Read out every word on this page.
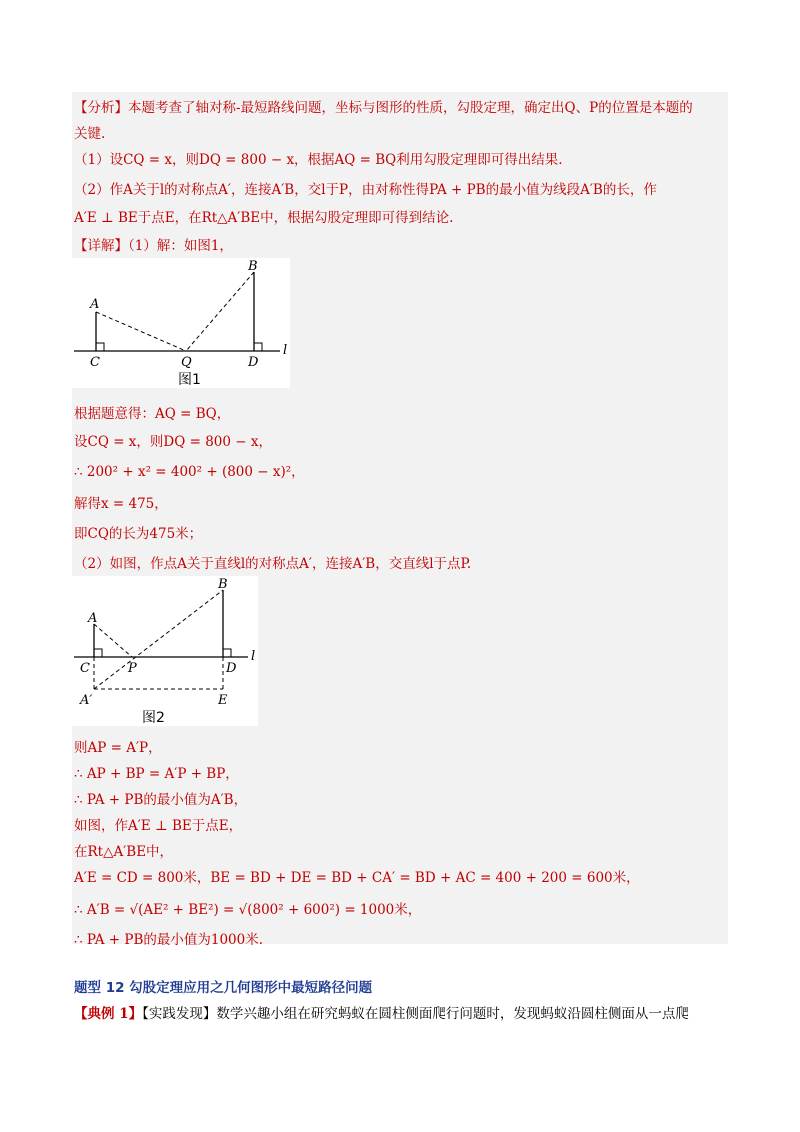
【分析】本题考查了轴对称-最短路线问题，坐标与图形的性质，勾股定理，确定出Q、P的位置是本题的
关键.
（1）设CQ = x，则DQ = 800 − x，根据AQ = BQ利用勾股定理即可得出结果.
（2）作A关于l的对称点A′，连接A′B，交l于P，由对称性得PA + PB的最小值为线段A′B的长，作
A′E ⊥ BE于点E，在Rt△A′BE中，根据勾股定理即可得到结论.
【详解】（1）解：如图1，
A
B
C	Q	D
l
图1
根据题意得：AQ = BQ，
设CQ = x，则DQ = 800 − x，
∴ 200² + x² = 400² + (800 − x)²，
解得x = 475，
即CQ的长为475米；
（2）如图，作点A关于直线l的对称点A′，连接A′B，交直线l于点P.
A
B
C	P	D
l
A′	E
图2
则AP = A′P，
∴ AP + BP = A′P + BP，
∴ PA + PB的最小值为A′B，
如图，作A′E ⊥ BE于点E，
在Rt△A′BE中，
A′E = CD = 800米，BE = BD + DE = BD + CA′ = BD + AC = 400 + 200 = 600米，
∴ A′B = √(AE² + BE²) = √(800² + 600²) = 1000米，
∴ PA + PB的最小值为1000米.
题型 12 勾股定理应用之几何图形中最短路径问题
【典例 1】【实践发现】数学兴趣小组在研究蚂蚁在圆柱侧面爬行问题时，发现蚂蚁沿圆柱侧面从一点爬
